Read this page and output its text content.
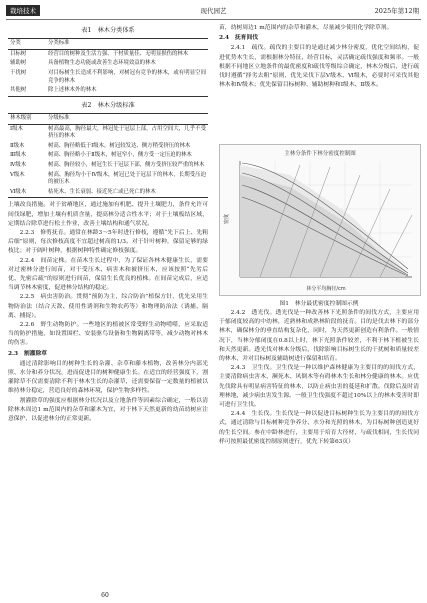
栽培技术	现代园艺	2025年第12期
表1　林木分类体系
分类	分类标准
目标树	经营目的树种及生活力强、干材质量佳、无明显损伤的林木
辅助树	具备植物生态功能或改善生态环境效益的林木
干扰树	对目标树生长造成不利影响，对树冠有竞争的林木，或有明显空间竞争的林木
其他树	除上述林木外的林木
表2　林木分级标准
林木级别	分级标准
Ⅰ级木	树高最高，胸径最大，林冠处于冠层上部，占用空间大，几乎不受挤压的林木
Ⅱ级木	树高、胸径略低于Ⅰ级木，树冠较发达、侧方稍受挤压的林木
Ⅲ级木	树高、胸径略小于Ⅱ级木，树冠窄小，侧方受一定压迫的林木
Ⅳ级木	树高、胸径较小，树冠生长于冠层下部，侧方受挤压较严重的林木
Ⅴ级木	树高、胸径均小于Ⅳ级木，树冠已处于冠层下的林木，长期受压迫的被压木
Ⅵ级木	枯死木、生长衰弱、接近死亡或已死亡的林木

上壤改良措施。对于贫瘠地区，通过施加有机肥、提升土壤肥力，条件允许可间伐绿肥，增加土壤有机质含量，提高林分适合性水平；对于土壤板结区域，定期结合除草进行松土作业，改善土壤结构和通气状况。

2.2.3　修剪抚育。通常在林龄3～5年时进行修枝，遵循“先下后上、先粗后细”原则，每次修枝高度不宜超过树高的1/3。对于针叶树种，保留足够的绿枝比；对于阔叶树种，根据树种特性确定修枝强度。

2.2.4　间苗定株。在苗木生长过程中，为了保证各林木健康生长，需要对过密林分进行间苗，对于受压木、病害木和被挤压木，应该按照“先劣后优、先密后疏”的原则进行间苗，保留生长优良的植株。在间苗完成后，应适当调节林木密度，促进林分结构的稳定。

2.2.5　病虫害防治。贯彻“预防为主，综合防治”植保方针，优先采用生物防治法（结合天敌、使用性诱剂和生物农药等）和物理防治法（诱捕、隔离、捕捉）。

2.2.6　野生动物防护。一些地区的植被区常受野生动物啃噬，应采取适当的防护措施，如设置围栏、安装驱鸟设备和生物隔离带等，减少动物对林木的伤害。

2.3　割灌除草

通过清除影响目的树种生长的杂灌、杂草和藤本植物，改善林分内部光照、水分和养分状况，进而促进目的树种健康生长。在适宜的经营强度下，割灌除草不仅需要清除不利于林木生长的杂灌草，还需要保留一定数量的植被以维持林分稳定，营造良好的森林环境，保护生物多样性。

割灌除草的强度应根据林分状况以及立地条件等因素综合确定，一般以清除林木周边1 m范围内的杂草和灌木为宜，对于林下天然更新的幼苗幼树应注意保护，以促进林分的正常更新。

苗，幼树周边1 m范围内的杂草和灌木，尽量减少使用化学除草剂。

2.4　抚育间伐

2.4.1　疏伐。疏伐的主要目的是通过减少林分密度，优化空间结构，促进优势木生长，需根据林分特征、经营目标，灵活确定疏伐强度和频率。一般根据不同地区立地条件的最优密度和疏伐等级综合确定，林木分级后，进行疏伐时遵循“择劣去粗”原则，优先采伐下层Ⅴ级木、Ⅵ级木，必要时可采伐其他林木和Ⅳ级木；优先保留目标树种、辅助树种和Ⅰ级木、Ⅱ级木。

主林分条件下林分密度控制图
林分平均胸径/cm
密度
图1　林分最优密度控制图示例

2.4.2　透光伐。透光伐是一种改善林下光照条件的间伐方式，主要应用于郁闭度较高的中幼林，近熟林和成熟林阶段的抚育。目的是伐去林下的部分林木，确保林分的垂直结构复杂化，同时，为天然更新创造有利条件。一般情况下，当林分郁闭度在0.8以上时，林下光照条件较差，不利于林下植被生长和天然更新。透光伐对林木分级后，伐除影响目标树生长的干扰树和质量较差的林木，并对目标树及辅助树进行保留和培育。

2.4.3　卫生伐。卫生伐是一种以维护森林健康为主要目的的间伐方式，主要清除病虫害木、濒死木、风倒木等有碍林木生长和林分健康的林木。应优先伐除具有明显病害特征的林木，以防止病虫害的蔓延和扩散。伐除后及时清理林地，减少病虫害发生源。一般卫生伐强度不超过10%以上的林木受害时即可进行卫生伐。

2.4.4　生长伐。生长伐是一种以促进目标树种生长为主要目的的间伐方式，通过清除与目标树种竞争养分、水分和光照的林木，为目标树种创造更好的生长空间。参在中龄林进行，主要用于培育大径材，与疏伐相同，生长伐同样可按照最优密度控制原则进行，优先下转第63页）

60
